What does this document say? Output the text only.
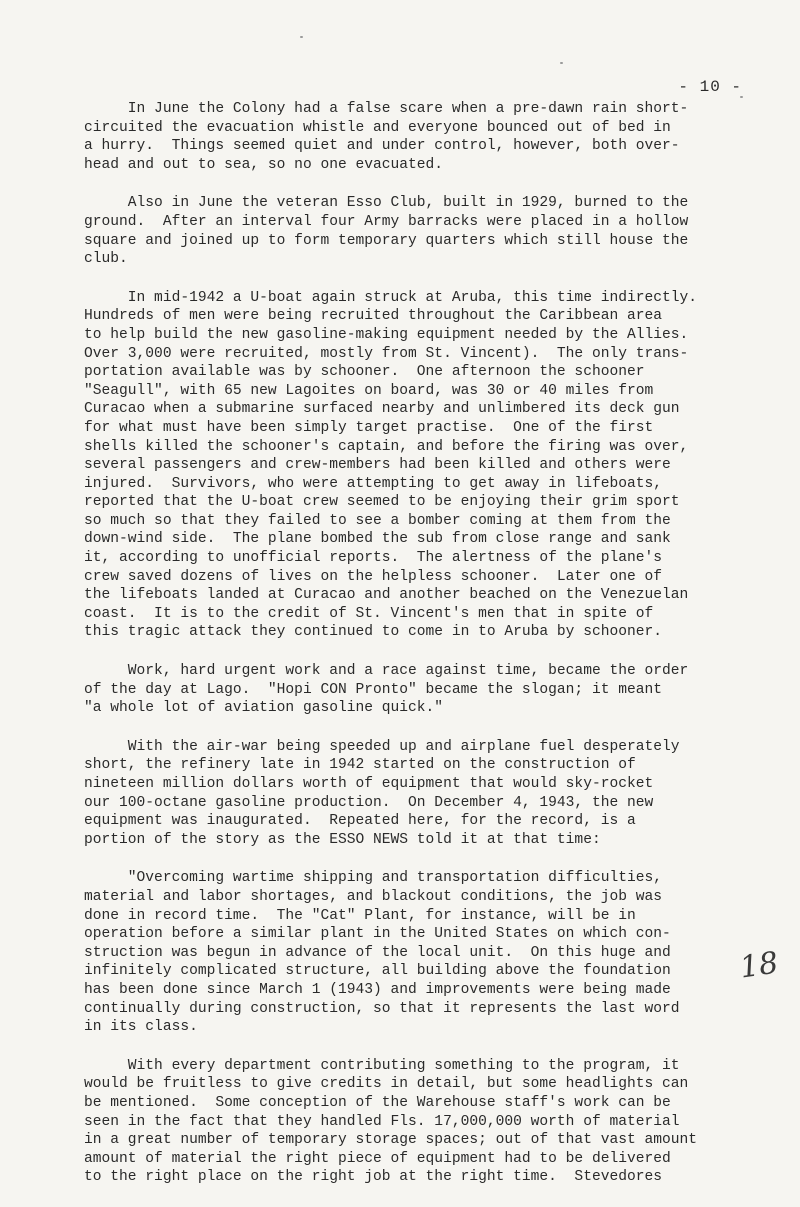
- 10 -

In June the Colony had a false scare when a pre-dawn rain short-
circuited the evacuation whistle and everyone bounced out of bed in
a hurry.  Things seemed quiet and under control, however, both over-
head and out to sea, so no one evacuated.

Also in June the veteran Esso Club, built in 1929, burned to the
ground.  After an interval four Army barracks were placed in a hollow
square and joined up to form temporary quarters which still house the
club.

In mid-1942 a U-boat again struck at Aruba, this time indirectly.
Hundreds of men were being recruited throughout the Caribbean area
to help build the new gasoline-making equipment needed by the Allies.
Over 3,000 were recruited, mostly from St. Vincent).  The only trans-
portation available was by schooner.  One afternoon the schooner
"Seagull", with 65 new Lagoites on board, was 30 or 40 miles from
Curacao when a submarine surfaced nearby and unlimbered its deck gun
for what must have been simply target practise.  One of the first
shells killed the schooner's captain, and before the firing was over,
several passengers and crew-members had been killed and others were
injured.  Survivors, who were attempting to get away in lifeboats,
reported that the U-boat crew seemed to be enjoying their grim sport
so much so that they failed to see a bomber coming at them from the
down-wind side.  The plane bombed the sub from close range and sank
it, according to unofficial reports.  The alertness of the plane's
crew saved dozens of lives on the helpless schooner.  Later one of
the lifeboats landed at Curacao and another beached on the Venezuelan
coast.  It is to the credit of St. Vincent's men that in spite of
this tragic attack they continued to come in to Aruba by schooner.

Work, hard urgent work and a race against time, became the order
of the day at Lago.  "Hopi CON Pronto" became the slogan; it meant
"a whole lot of aviation gasoline quick."

With the air-war being speeded up and airplane fuel desperately
short, the refinery late in 1942 started on the construction of
nineteen million dollars worth of equipment that would sky-rocket
our 100-octane gasoline production.  On December 4, 1943, the new
equipment was inaugurated.  Repeated here, for the record, is a
portion of the story as the ESSO NEWS told it at that time:

"Overcoming wartime shipping and transportation difficulties,
material and labor shortages, and blackout conditions, the job was
done in record time.  The "Cat" Plant, for instance, will be in
operation before a similar plant in the United States on which con-
struction was begun in advance of the local unit.  On this huge and
infinitely complicated structure, all building above the foundation
has been done since March 1 (1943) and improvements were being made
continually during construction, so that it represents the last word
in its class.

With every department contributing something to the program, it
would be fruitless to give credits in detail, but some headlights can
be mentioned.  Some conception of the Warehouse staff's work can be
seen in the fact that they handled Fls. 17,000,000 worth of material
in a great number of temporary storage spaces; out of that vast amount
amount of material the right piece of equipment had to be delivered
to the right place on the right job at the right time.  Stevedores

18
